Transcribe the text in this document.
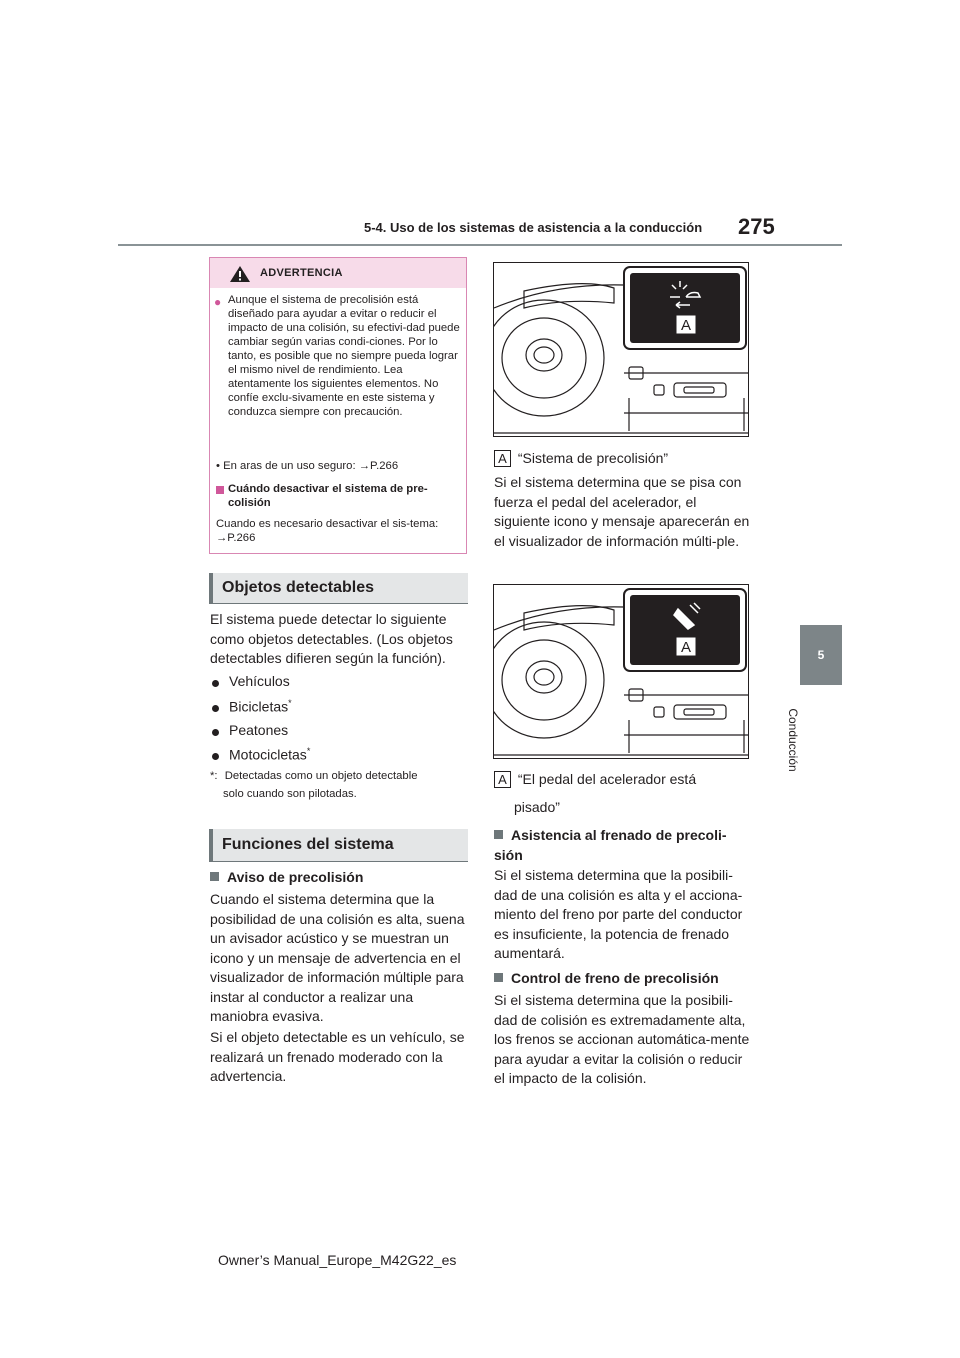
5-4. Uso de los sistemas de asistencia a la conducción 275
5
Conducción
ADVERTENCIA
● Aunque el sistema de precolisión está diseñado para ayudar a evitar o reducir el impacto de una colisión, su efectivi-dad puede cambiar según varias condi-ciones. Por lo tanto, es posible que no siempre pueda lograr el mismo nivel de rendimiento. Lea atentamente los siguientes elementos. No confíe exclu-sivamente en este sistema y conduzca siempre con precaución.
• En aras de un uso seguro: →P.266
Cuándo desactivar el sistema de pre-colisión
Cuando es necesario desactivar el sis-tema: →P.266
Objetos detectables
El sistema puede detectar lo siguiente como objetos detectables. (Los objetos detectables difieren según la función).
Vehículos
Bicicletas*
Peatones
Motocicletas*
*: Detectadas como un objeto detectable
solo cuando son pilotadas.
Funciones del sistema
Aviso de precolisión
Cuando el sistema determina que la posibilidad de una colisión es alta, suena un avisador acústico y se muestran un icono y un mensaje de advertencia en el visualizador de información múltiple para instar al conductor a realizar una maniobra evasiva.
Si el objeto detectable es un vehículo, se realizará un frenado moderado con la advertencia.
A
A “Sistema de precolisión”
Si el sistema determina que se pisa con fuerza el pedal del acelerador, el siguiente icono y mensaje aparecerán en el visualizador de información múlti-ple.
A
A “El pedal del acelerador está
pisado”
Asistencia al frenado de precoli-sión
Si el sistema determina que la posibili-dad de una colisión es alta y el acciona-miento del freno por parte del conductor es insuficiente, la potencia de frenado aumentará.
Control de freno de precolisión
Si el sistema determina que la posibili-dad de colisión es extremadamente alta, los frenos se accionan automática-mente para ayudar a evitar la colisión o reducir el impacto de la colisión.
Owner’s Manual_Europe_M42G22_es
